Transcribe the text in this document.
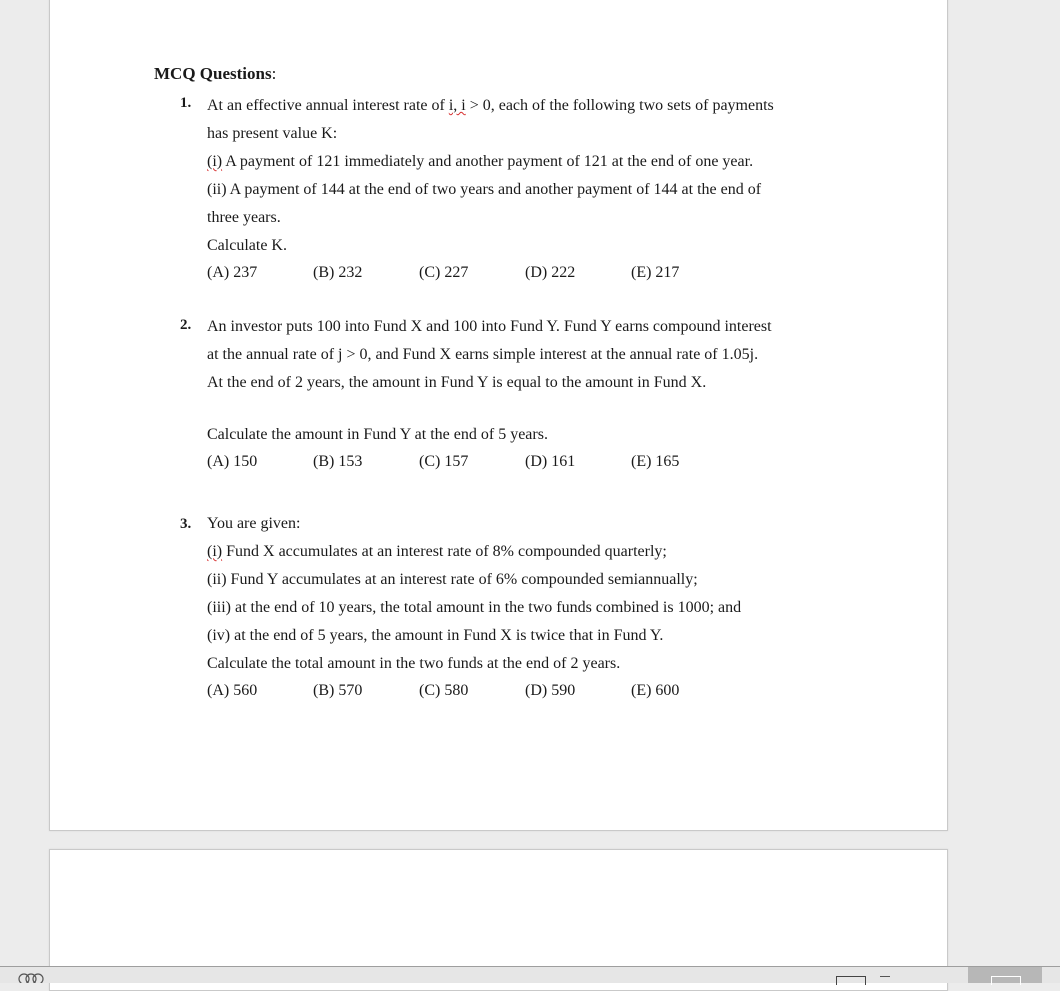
MCQ Questions:
1. At an effective annual interest rate of i, i > 0, each of the following two sets of payments
has present value K:
(i) A payment of 121 immediately and another payment of 121 at the end of one year.
(ii) A payment of 144 at the end of two years and another payment of 144 at the end of
three years.
Calculate K.
(A) 237	(B) 232	(C) 227	(D) 222	(E) 217
2. An investor puts 100 into Fund X and 100 into Fund Y. Fund Y earns compound interest
at the annual rate of j > 0, and Fund X earns simple interest at the annual rate of 1.05j.
At the end of 2 years, the amount in Fund Y is equal to the amount in Fund X.
Calculate the amount in Fund Y at the end of 5 years.
(A) 150	(B) 153	(C) 157	(D) 161	(E) 165
3. You are given:
(i) Fund X accumulates at an interest rate of 8% compounded quarterly;
(ii) Fund Y accumulates at an interest rate of 6% compounded semiannually;
(iii) at the end of 10 years, the total amount in the two funds combined is 1000; and
(iv) at the end of 5 years, the amount in Fund X is twice that in Fund Y.
Calculate the total amount in the two funds at the end of 2 years.
(A) 560	(B) 570	(C) 580	(D) 590	(E) 600
